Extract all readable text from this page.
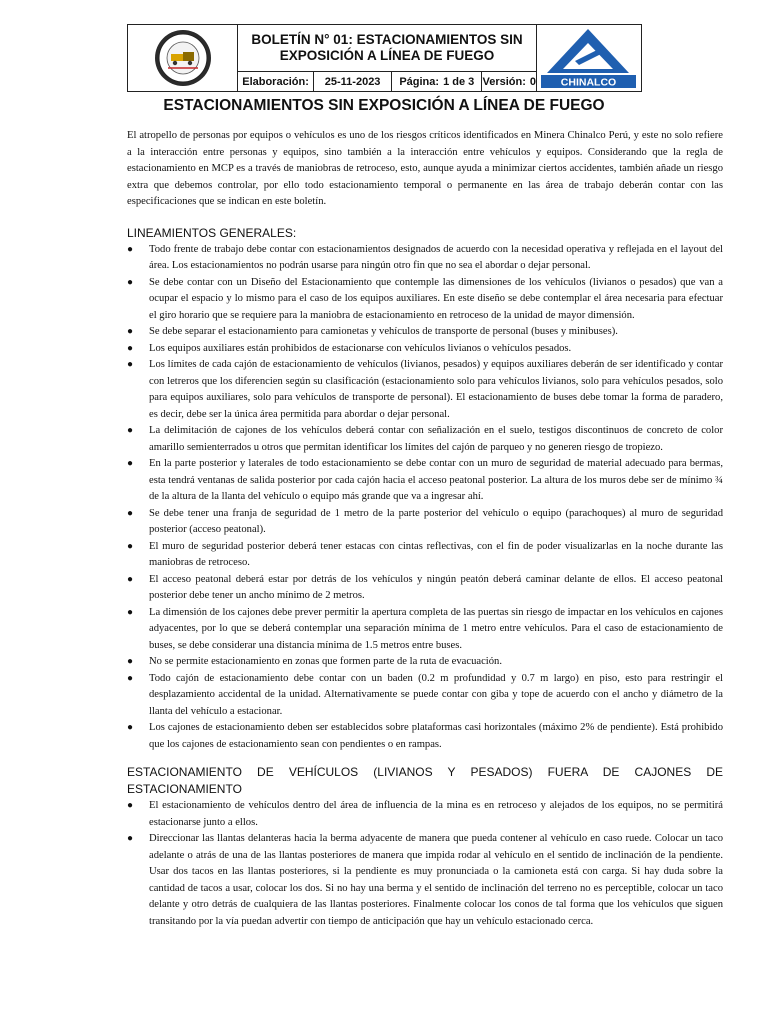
BOLETÍN N° 01: ESTACIONAMIENTOS SIN
EXPOSICIÓN A LÍNEA DE FUEGO
Elaboración:	25-11-2023	Página: 1 de 3 Versión: 0 CHINALCO
ESTACIONAMIENTOS SIN EXPOSICIÓN A LÍNEA DE FUEGO

El atropello de personas por equipos o vehículos es uno de los riesgos críticos identificados en Minera Chinalco Perú, y este no solo refiere a la interacción entre personas y equipos, sino también a la interacción entre vehículos y equipos. Considerando que la regla de estacionamiento en MCP es a través de maniobras de retroceso, esto, aunque ayuda a minimizar ciertos accidentes, también añade un riesgo extra que debemos controlar, por ello todo estacionamiento temporal o permanente en las área de trabajo deberán contar con las especificaciones que se indican en este boletín.

LINEAMIENTOS GENERALES:
● Todo frente de trabajo debe contar con estacionamientos designados de acuerdo con la necesidad operativa y reflejada en el layout del área. Los estacionamientos no podrán usarse para ningún otro fin que no sea el abordar o dejar personal.
● Se debe contar con un Diseño del Estacionamiento que contemple las dimensiones de los vehículos (livianos o pesados) que van a ocupar el espacio y lo mismo para el caso de los equipos auxiliares. En este diseño se debe contemplar el área necesaria para efectuar el giro horario que se requiere para la maniobra de estacionamiento en retroceso de la unidad de mayor dimensión.
● Se debe separar el estacionamiento para camionetas y vehículos de transporte de personal (buses y minibuses).
● Los equipos auxiliares están prohibidos de estacionarse con vehículos livianos o vehículos pesados.
● Los límites de cada cajón de estacionamiento de vehículos (livianos, pesados) y equipos auxiliares deberán de ser identificado y contar con letreros que los diferencien según su clasificación (estacionamiento solo para vehículos livianos, solo para vehículos pesados, solo para equipos auxiliares, solo para vehículos de transporte de personal). El estacionamiento de buses debe tomar la forma de paradero, es decir, debe ser la única área permitida para abordar o dejar personal.
● La delimitación de cajones de los vehículos deberá contar con señalización en el suelo, testigos discontinuos de concreto de color amarillo semienterrados u otros que permitan identificar los límites del cajón de parqueo y no generen riesgo de tropiezo.
● En la parte posterior y laterales de todo estacionamiento se debe contar con un muro de seguridad de material adecuado para bermas, esta tendrá ventanas de salida posterior por cada cajón hacia el acceso peatonal posterior. La altura de los muros debe ser de mínimo ¾ de la altura de la llanta del vehículo o equipo más grande que va a ingresar ahí.
● Se debe tener una franja de seguridad de 1 metro de la parte posterior del vehículo o equipo (parachoques) al muro de seguridad posterior (acceso peatonal).
● El muro de seguridad posterior deberá tener estacas con cintas reflectivas, con el fin de poder visualizarlas en la noche durante las maniobras de retroceso.
● El acceso peatonal deberá estar por detrás de los vehículos y ningún peatón deberá caminar delante de ellos. El acceso peatonal posterior debe tener un ancho mínimo de 2 metros.
● La dimensión de los cajones debe prever permitir la apertura completa de las puertas sin riesgo de impactar en los vehículos en cajones adyacentes, por lo que se deberá contemplar una separación mínima de 1 metro entre vehículos. Para el caso de estacionamiento de buses, se debe considerar una distancia mínima de 1.5 metros entre buses.
● No se permite estacionamiento en zonas que formen parte de la ruta de evacuación.
● Todo cajón de estacionamiento debe contar con un baden (0.2 m profundidad y 0.7 m largo) en piso, esto para restringir el desplazamiento accidental de la unidad. Alternativamente se puede contar con giba y tope de acuerdo con el ancho y diámetro de la llanta del vehículo a estacionar.
● Los cajones de estacionamiento deben ser establecidos sobre plataformas casi horizontales (máximo 2% de pendiente). Está prohibido que los cajones de estacionamiento sean con pendientes o en rampas.
ESTACIONAMIENTO DE VEHÍCULOS (LIVIANOS Y PESADOS) FUERA DE CAJONES DE ESTACIONAMIENTO
● El estacionamiento de vehículos dentro del área de influencia de la mina es en retroceso y alejados de los equipos, no se permitirá estacionarse junto a ellos.
● Direccionar las llantas delanteras hacia la berma adyacente de manera que pueda contener al vehículo en caso ruede. Colocar un taco adelante o atrás de una de las llantas posteriores de manera que impida rodar al vehículo en el sentido de inclinación de la pendiente. Usar dos tacos en las llantas posteriores, si la pendiente es muy pronunciada o la camioneta está con carga. Si hay duda sobre la cantidad de tacos a usar, colocar los dos. Si no hay una berma y el sentido de inclinación del terreno no es perceptible, colocar un taco delante y otro detrás de cualquiera de las llantas posteriores. Finalmente colocar los conos de tal forma que los vehículos que siguen transitando por la vía puedan advertir con tiempo de anticipación que hay un vehículo estacionado cerca.
